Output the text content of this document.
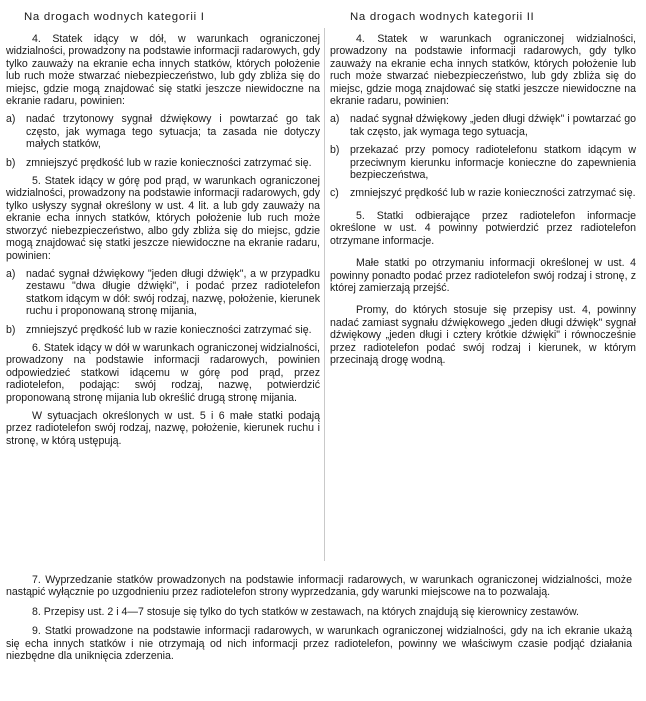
Na drogach wodnych kategorii I

4. Statek idący w dół, w warunkach ograniczonej widzialności, prowadzony na podstawie informacji radarowych, gdy tylko zauważy na ekranie echa innych statków, których położenie lub ruch może stwarzać niebezpieczeństwo, lub gdy zbliża się do miejsc, gdzie mogą znajdować się statki jeszcze niewidoczne na ekranie radaru, powinien:

a) nadać trzytonowy sygnał dźwiękowy i powtarzać go tak często, jak wymaga tego sytuacja; ta zasada nie dotyczy małych statków,
b) zmniejszyć prędkość lub w razie konieczności zatrzymać się.

5. Statek idący w górę pod prąd, w warunkach ograniczonej widzialności, prowadzony na podstawie informacji radarowych, gdy tylko usłyszy sygnał określony w ust. 4 lit. a lub gdy zauważy na ekranie echa innych statków, których położenie lub ruch może stworzyć niebezpieczeństwo, albo gdy zbliża się do miejsc, gdzie mogą znajdować się statki jeszcze niewidoczne na ekranie radaru, powinien:

a) nadać sygnał dźwiękowy "jeden długi dźwięk", a w przypadku zestawu "dwa długie dźwięki", i podać przez radiotelefon statkom idącym w dół: swój rodzaj, nazwę, położenie, kierunek ruchu i proponowaną stronę mijania,
b) zmniejszyć prędkość lub w razie konieczności zatrzymać się.

6. Statek idący w dół w warunkach ograniczonej widzialności, prowadzony na podstawie informacji radarowych, powinien odpowiedzieć statkowi idącemu w górę pod prąd, przez radiotelefon, podając: swój rodzaj, nazwę, potwierdzić proponowaną stronę mijania lub określić drugą stronę mijania.

W sytuacjach określonych w ust. 5 i 6 małe statki podają przez radiotelefon swój rodzaj, nazwę, położenie, kierunek ruchu i stronę, w którą ustępują.

Na drogach wodnych kategorii II

4. Statek w warunkach ograniczonej widzialności, prowadzony na podstawie informacji radarowych, gdy tylko zauważy na ekranie echa innych statków, których położenie lub ruch może stwarzać niebezpieczeństwo, lub gdy zbliża się do miejsc, gdzie mogą znajdować się statki jeszcze niewidoczne na ekranie radaru, powinien:

a) nadać sygnał dźwiękowy „jeden długi dźwięk" i powtarzać go tak często, jak wymaga tego sytuacja,
b) przekazać przy pomocy radiotelefonu statkom idącym w przeciwnym kierunku informacje konieczne do zapewnienia bezpieczeństwa,
c)	zmniejszyć prędkość lub w razie konieczności zatrzymać się.

5. Statki odbierające przez radiotelefon informacje określone w ust. 4 powinny potwierdzić przez radiotelefon otrzymane informacje.

Małe statki po otrzymaniu informacji określonej w ust. 4 powinny ponadto podać przez radiotelefon swój rodzaj i stronę, z której zamierzają przejść.

Promy, do których stosuje się przepisy ust. 4, powinny nadać zamiast sygnału dźwiękowego „jeden długi dźwięk" sygnał dźwiękowy „jeden długi i cztery krótkie dźwięki" i równocześnie przez radiotelefon podać swój rodzaj i kierunek, w którym przecinają drogę wodną.

7. Wyprzedzanie statków prowadzonych na podstawie informacji radarowych, w warunkach ograniczonej widzialności, może nastąpić wyłącznie po uzgodnieniu przez radiotelefon strony wyprzedzania, gdy warunki miejscowe na to pozwalają.

8. Przepisy ust. 2 i 4—7 stosuje się tylko do tych statków w zestawach, na których znajdują się kierownicy zestawów.

9. Statki prowadzone na podstawie informacji radarowych, w warunkach ograniczonej widzialności, gdy na ich ekranie ukażą się echa innych statków i nie otrzymają od nich informacji przez radiotelefon, powinny we właściwym czasie podjąć działania niezbędne dla uniknięcia zderzenia.
